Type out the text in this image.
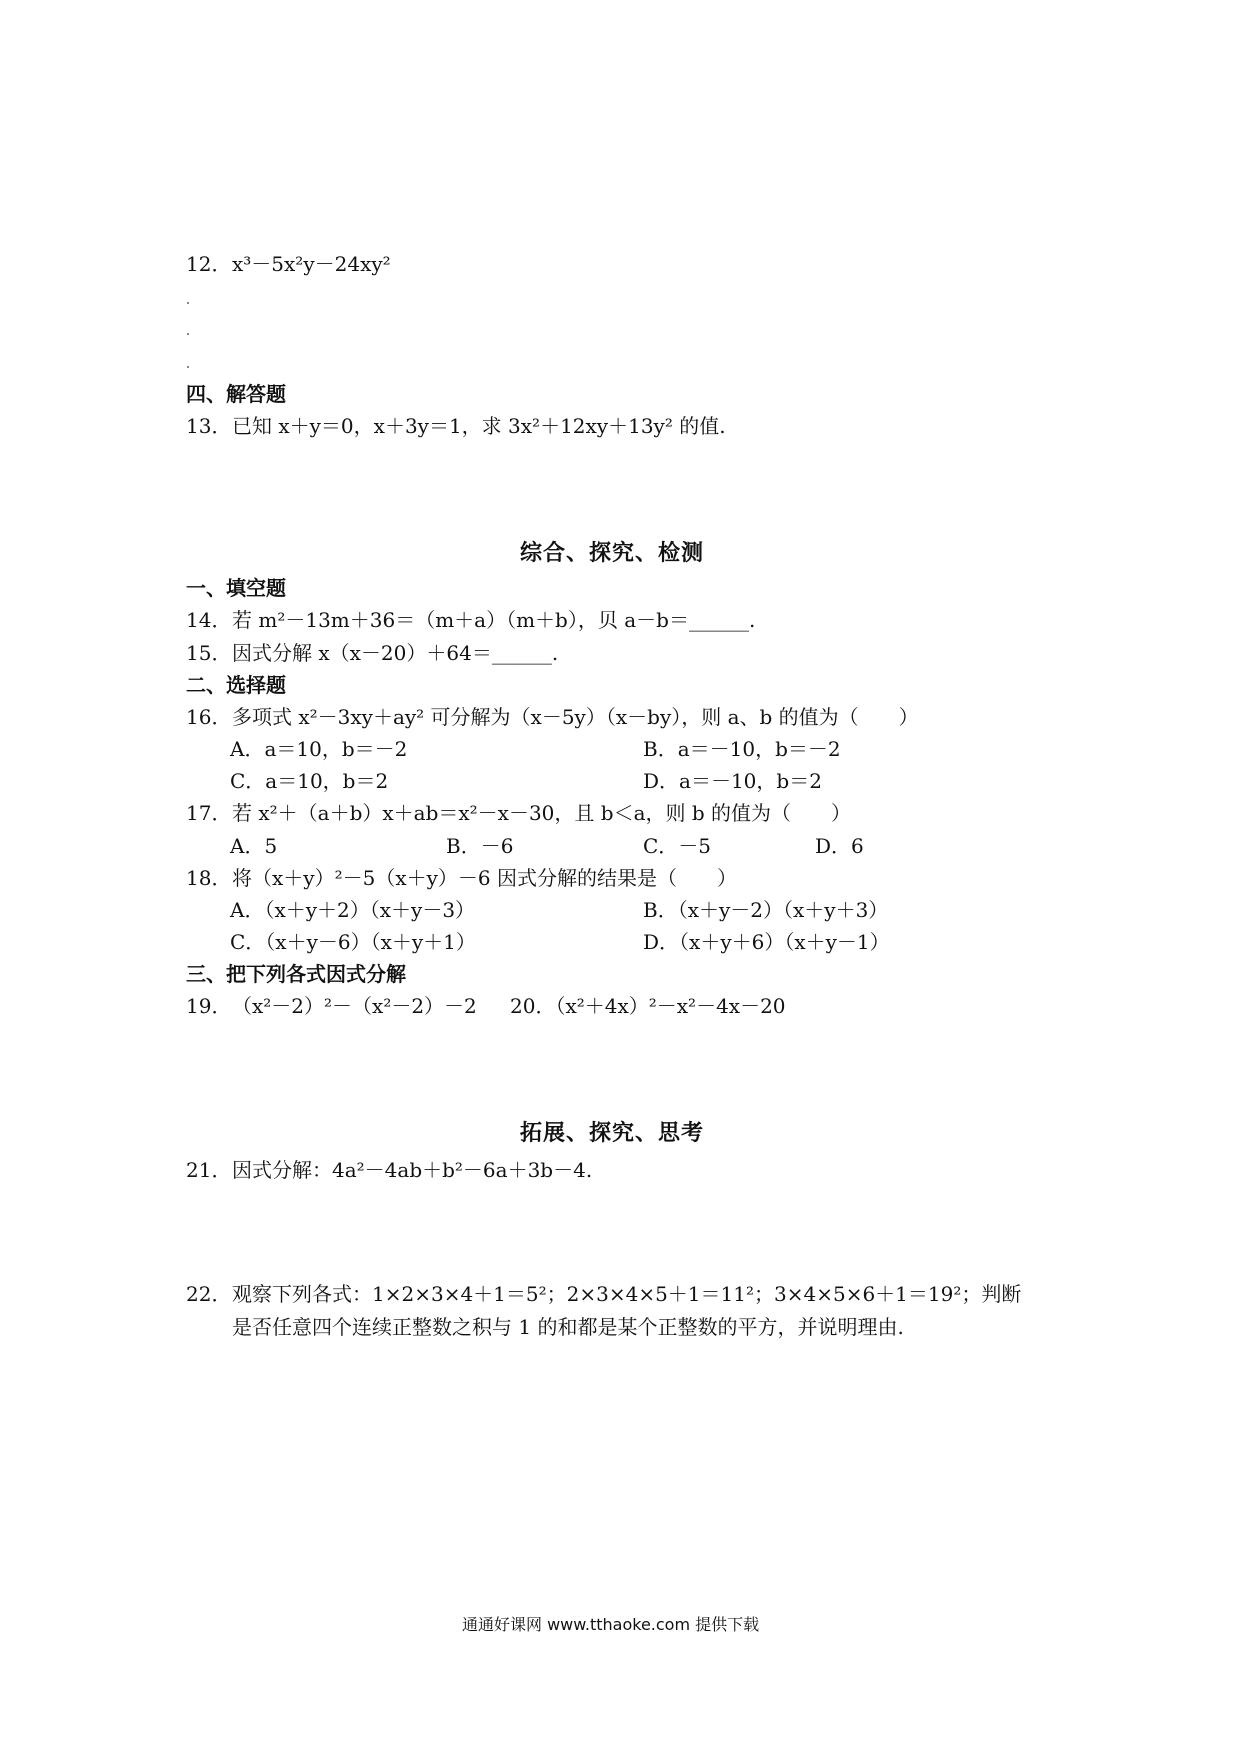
12．x³－5x²y－24xy²
四、解答题
13．已知 x＋y＝0，x＋3y＝1，求 3x²＋12xy＋13y² 的值.
综合、探究、检测
一、填空题
14．若 m²－13m＋36＝（m＋a）（m＋b），贝 a－b＝______.
15．因式分解 x（x－20）＋64＝______.
二、选择题
16．多项式 x²－3xy＋ay² 可分解为（x－5y）（x－by），则 a、b 的值为（　　）
A．a＝10，b＝－2	B．a＝－10，b＝－2
C．a＝10，b＝2	D．a＝－10，b＝2
17．若 x²＋（a＋b）x＋ab＝x²－x－30，且 b＜a，则 b 的值为（　　）
A．5	B．－6	C．－5	D．6
18．将（x＋y）²－5（x＋y）－6 因式分解的结果是（　　）
A．（x＋y＋2）（x＋y－3）	B．（x＋y－2）（x＋y＋3）
C．（x＋y－6）（x＋y＋1）	D．（x＋y＋6）（x＋y－1）
三、把下列各式因式分解
19．（x²－2）²－（x²－2）－2 20．（x²＋4x）²－x²－4x－20
拓展、探究、思考
21．因式分解：4a²－4ab＋b²－6a＋3b－4.
22．观察下列各式：1×2×3×4＋1＝5²；2×3×4×5＋1＝11²；3×4×5×6＋1＝19²；判断
是否任意四个连续正整数之积与 1 的和都是某个正整数的平方，并说明理由.
通通好课网 www.tthaoke.com 提供下载
